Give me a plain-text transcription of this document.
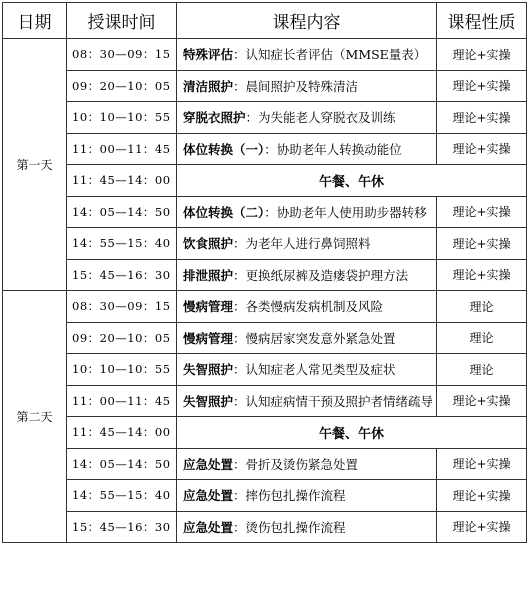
日期	授课时间	课程内容	课程性质
第一天	08：30—09：15	特殊评估：认知症长者评估（MMSE量表）	理论+实操
	09：20—10：05	清洁照护：晨间照护及特殊清洁	理论+实操
	10：10—10：55	穿脱衣照护：为失能老人穿脱衣及训练	理论+实操
	11：00—11：45	体位转换（一）：协助老年人转换动能位	理论+实操
	11：45—14：00	午餐、午休	
	14：05—14：50	体位转换（二）：协助老年人使用助步器转移	理论+实操
	14：55—15：40	饮食照护：为老年人进行鼻饲照料	理论+实操
	15：45—16：30	排泄照护：更换纸尿裤及造瘘袋护理方法	理论+实操
第二天	08：30—09：15	慢病管理：各类慢病发病机制及风险	理论
	09：20—10：05	慢病管理：慢病居家突发意外紧急处置	理论
	10：10—10：55	失智照护：认知症老人常见类型及症状	理论
	11：00—11：45	失智照护：认知症病情干预及照护者情绪疏导	理论+实操
	11：45—14：00	午餐、午休	
	14：05—14：50	应急处置：骨折及烫伤紧急处置	理论+实操
	14：55—15：40	应急处置：摔伤包扎操作流程	理论+实操
	15：45—16：30	应急处置：烫伤包扎操作流程	理论+实操
